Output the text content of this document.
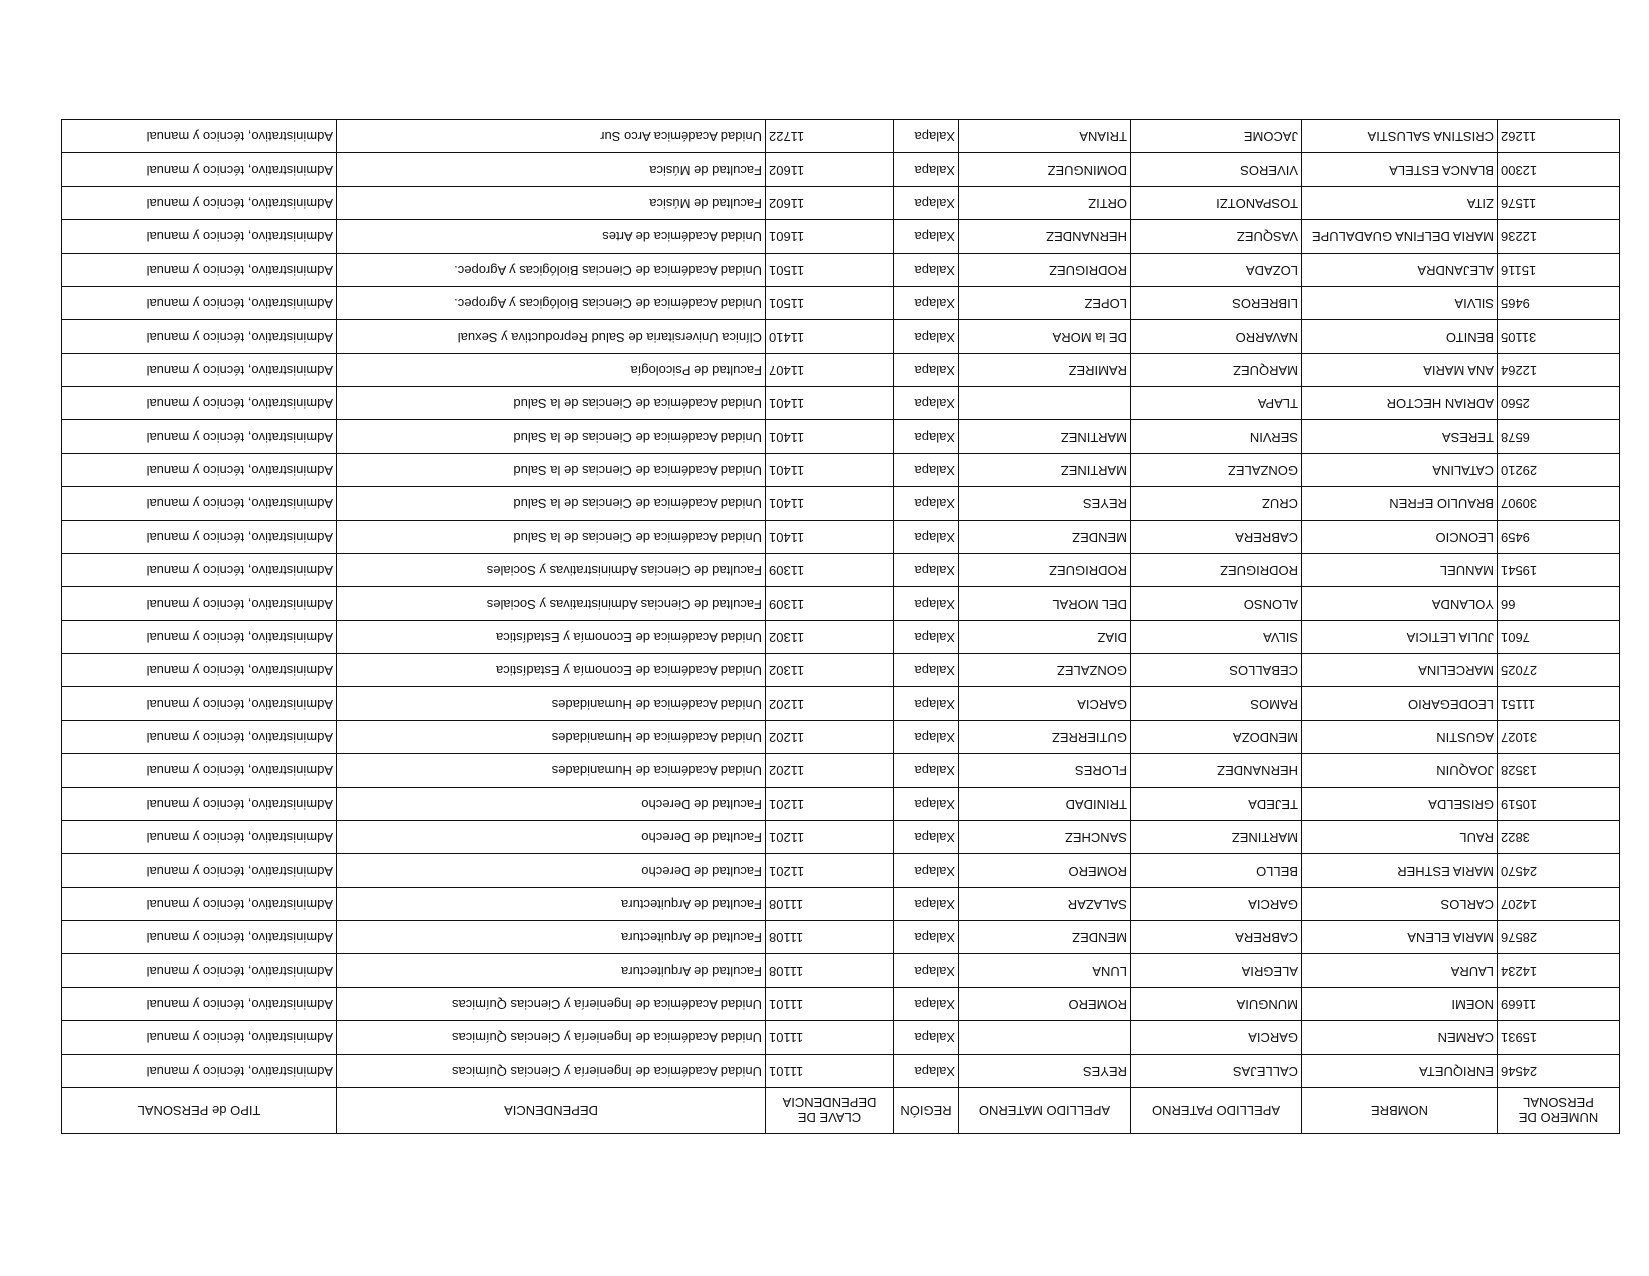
NUMERO DE PERSONAL	NOMBRE	APELLIDO PATERNO	APELLIDO MATERNO	REGIÓN	CLAVE DE DEPENDENCIA	DEPENDENCIA	TIPO de PERSONAL
24546	ENRIQUETA	CALLEJAS	REYES	Xalapa	11101	Unidad Académica de Ingeniería y Ciencias Químicas	Administrativo, técnico y manual
15931	CARMEN	GARCIA		Xalapa	11101	Unidad Académica de Ingeniería y Ciencias Químicas	Administrativo, técnico y manual
11669	NOEMI	MUNGUIA	ROMERO	Xalapa	11101	Unidad Académica de Ingeniería y Ciencias Químicas	Administrativo, técnico y manual
14234	LAURA	ALEGRIA	LUNA	Xalapa	11108	Facultad de Arquitectura	Administrativo, técnico y manual
28576	MARIA ELENA	CABRERA	MENDEZ	Xalapa	11108	Facultad de Arquitectura	Administrativo, técnico y manual
14207	CARLOS	GARCIA	SALAZAR	Xalapa	11108	Facultad de Arquitectura	Administrativo, técnico y manual
24570	MARIA ESTHER	BELLO	ROMERO	Xalapa	11201	Facultad de Derecho	Administrativo, técnico y manual
3822	RAUL	MARTINEZ	SANCHEZ	Xalapa	11201	Facultad de Derecho	Administrativo, técnico y manual
10519	GRISELDA	TEJEDA	TRINIDAD	Xalapa	11201	Facultad de Derecho	Administrativo, técnico y manual
13528	JOAQUIN	HERNANDEZ	FLORES	Xalapa	11202	Unidad Académica de Humanidades	Administrativo, técnico y manual
31027	AGUSTIN	MENDOZA	GUTIERREZ	Xalapa	11202	Unidad Académica de Humanidades	Administrativo, técnico y manual
11151	LEODEGARIO	RAMOS	GARCIA	Xalapa	11202	Unidad Académica de Humanidades	Administrativo, técnico y manual
27025	MARCELINA	CEBALLOS	GONZALEZ	Xalapa	11302	Unidad Académica de Economía y Estadística	Administrativo, técnico y manual
7601	JULIA LETICIA	SILVA	DIAZ	Xalapa	11302	Unidad Académica de Economía y Estadística	Administrativo, técnico y manual
66	YOLANDA	ALONSO	DEL MORAL	Xalapa	11309	Facultad de Ciencias Administrativas y Sociales	Administrativo, técnico y manual
19541	MANUEL	RODRIGUEZ	RODRIGUEZ	Xalapa	11309	Facultad de Ciencias Administrativas y Sociales	Administrativo, técnico y manual
9459	LEONCIO	CABRERA	MENDEZ	Xalapa	11401	Unidad Académica de Ciencias de la Salud	Administrativo, técnico y manual
30907	BRAULIO EFREN	CRUZ	REYES	Xalapa	11401	Unidad Académica de Ciencias de la Salud	Administrativo, técnico y manual
29210	CATALINA	GONZALEZ	MARTINEZ	Xalapa	11401	Unidad Académica de Ciencias de la Salud	Administrativo, técnico y manual
6578	TERESA	SERVIN	MARTINEZ	Xalapa	11401	Unidad Académica de Ciencias de la Salud	Administrativo, técnico y manual
2560	ADRIAN HECTOR	TLAPA		Xalapa	11401	Unidad Académica de Ciencias de la Salud	Administrativo, técnico y manual
12264	ANA MARIA	MARQUEZ	RAMIREZ	Xalapa	11407	Facultad de Psicología	Administrativo, técnico y manual
31105	BENITO	NAVARRO	DE la MORA	Xalapa	11410	Clínica Universitaria de Salud Reproductiva y Sexual	Administrativo, técnico y manual
9465	SILVIA	LIBREROS	LOPEZ	Xalapa	11501	Unidad Académica de Ciencias Biológicas y Agropec.	Administrativo, técnico y manual
15116	ALEJANDRA	LOZADA	RODRIGUEZ	Xalapa	11501	Unidad Académica de Ciencias Biológicas y Agropec.	Administrativo, técnico y manual
12236	MARIA DELFINA GUADALUPE	VASQUEZ	HERNANDEZ	Xalapa	11601	Unidad Académica de Artes	Administrativo, técnico y manual
11576	ZITA	TOSPANOTZI	ORTIZ	Xalapa	11602	Facultad de Música	Administrativo, técnico y manual
12300	BLANCA ESTELA	VIVEROS	DOMINGUEZ	Xalapa	11602	Facultad de Música	Administrativo, técnico y manual
11262	CRISTINA SALUSTIA	JACOME	TRIANA	Xalapa	11722	Unidad Académica Arco Sur	Administrativo, técnico y manual
